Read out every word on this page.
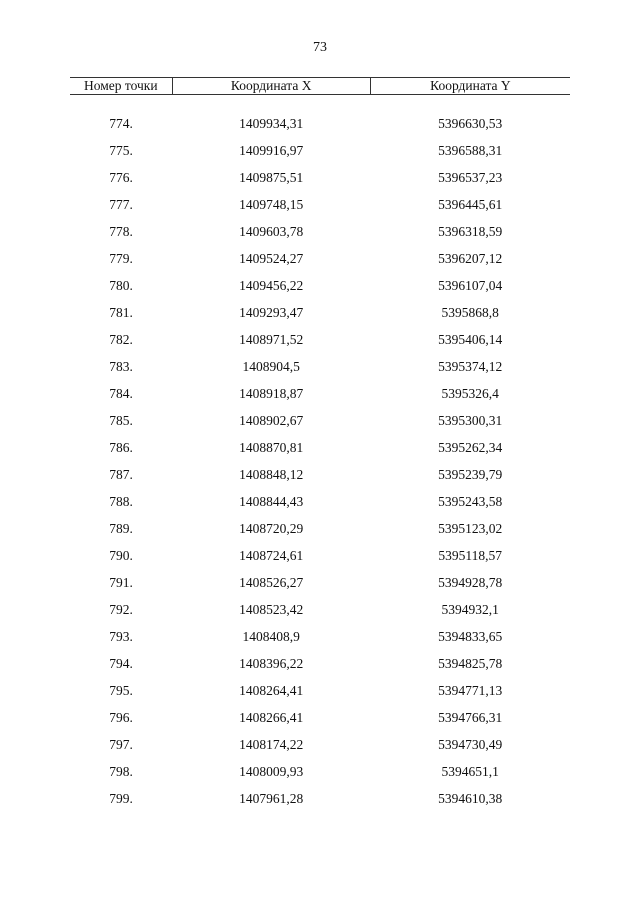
73
Номер точки	Координата X	Координата Y

774.	1409934,31	5396630,53
775.	1409916,97	5396588,31
776.	1409875,51	5396537,23
777.	1409748,15	5396445,61
778.	1409603,78	5396318,59
779.	1409524,27	5396207,12
780.	1409456,22	5396107,04
781.	1409293,47	5395868,8
782.	1408971,52	5395406,14
783.	1408904,5	5395374,12
784.	1408918,87	5395326,4
785.	1408902,67	5395300,31
786.	1408870,81	5395262,34
787.	1408848,12	5395239,79
788.	1408844,43	5395243,58
789.	1408720,29	5395123,02
790.	1408724,61	5395118,57
791.	1408526,27	5394928,78
792.	1408523,42	5394932,1
793.	1408408,9	5394833,65
794.	1408396,22	5394825,78
795.	1408264,41	5394771,13
796.	1408266,41	5394766,31
797.	1408174,22	5394730,49
798.	1408009,93	5394651,1
799.	1407961,28	5394610,38
